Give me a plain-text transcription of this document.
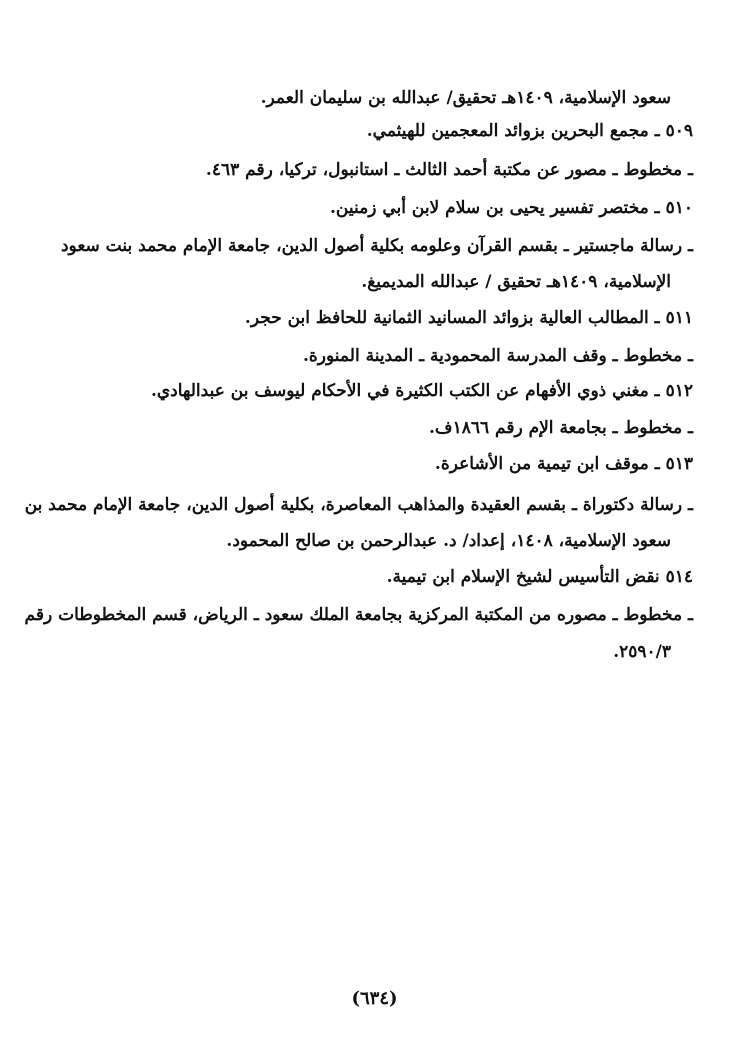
سعود الإسلامية، ١٤٠٩هـ تحقيق/ عبدالله بن سليمان العمر.
٥٠٩ ـ مجمع البحرين بزوائد المعجمين للهيثمي.
ـ مخطوط ـ مصور عن مكتبة أحمد الثالث ـ استانبول، تركيا، رقم ٤٦٣.
٥١٠ ـ مختصر تفسير يحيى بن سلام لابن أبي زمنين.
ـ رسالة ماجستير ـ بقسم القرآن وعلومه بكلية أصول الدين، جامعة الإمام محمد بنت سعود
الإسلامية، ١٤٠٩هـ تحقيق / عبدالله المديميغ.
٥١١ ـ المطالب العالية بزوائد المسانيد الثمانية للحافظ ابن حجر.
ـ مخطوط ـ وقف المدرسة المحمودية ـ المدينة المنورة.
٥١٢ ـ مغني ذوي الأفهام عن الكتب الكثيرة في الأحكام ليوسف بن عبدالهادي.
ـ مخطوط ـ بجامعة الإم رقم ١٨٦٦ف.
٥١٣ ـ موقف ابن تيمية من الأشاعرة.
ـ رسالة دكتوراة ـ بقسم العقيدة والمذاهب المعاصرة، بكلية أصول الدين، جامعة الإمام محمد بن
سعود الإسلامية، ١٤٠٨، إعداد/ د. عبدالرحمن بن صالح المحمود.
٥١٤ نقض التأسيس لشيخ الإسلام ابن تيمية.
ـ مخطوط ـ مصوره من المكتبة المركزية بجامعة الملك سعود ـ الرياض، قسم المخطوطات رقم
٢٥٩٠/٣.
(٦٣٤)
